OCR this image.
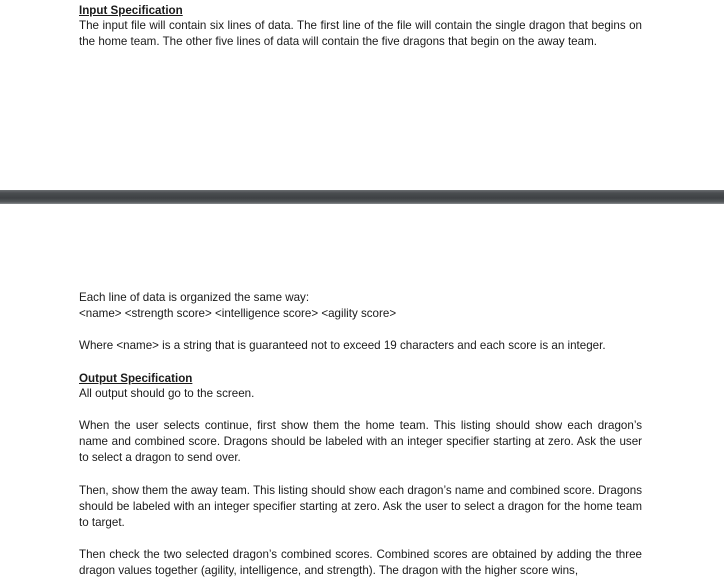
Input Specification

The input file will contain six lines of data. The first line of the file will contain the single dragon that begins on the home team. The other five lines of data will contain the five dragons that begin on the away team.

Each line of data is organized the same way:

<name> <strength score> <intelligence score> <agility score>

Where <name> is a string that is guaranteed not to exceed 19 characters and each score is an integer.

Output Specification

All output should go to the screen.

When the user selects continue, first show them the home team. This listing should show each dragon’s name and combined score. Dragons should be labeled with an integer specifier starting at zero. Ask the user to select a dragon to send over.

Then, show them the away team. This listing should show each dragon’s name and combined score. Dragons should be labeled with an integer specifier starting at zero. Ask the user to select a dragon for the home team to target.

Then check the two selected dragon’s combined scores. Combined scores are obtained by adding the three dragon values together (agility, intelligence, and strength). The dragon with the higher score wins,
